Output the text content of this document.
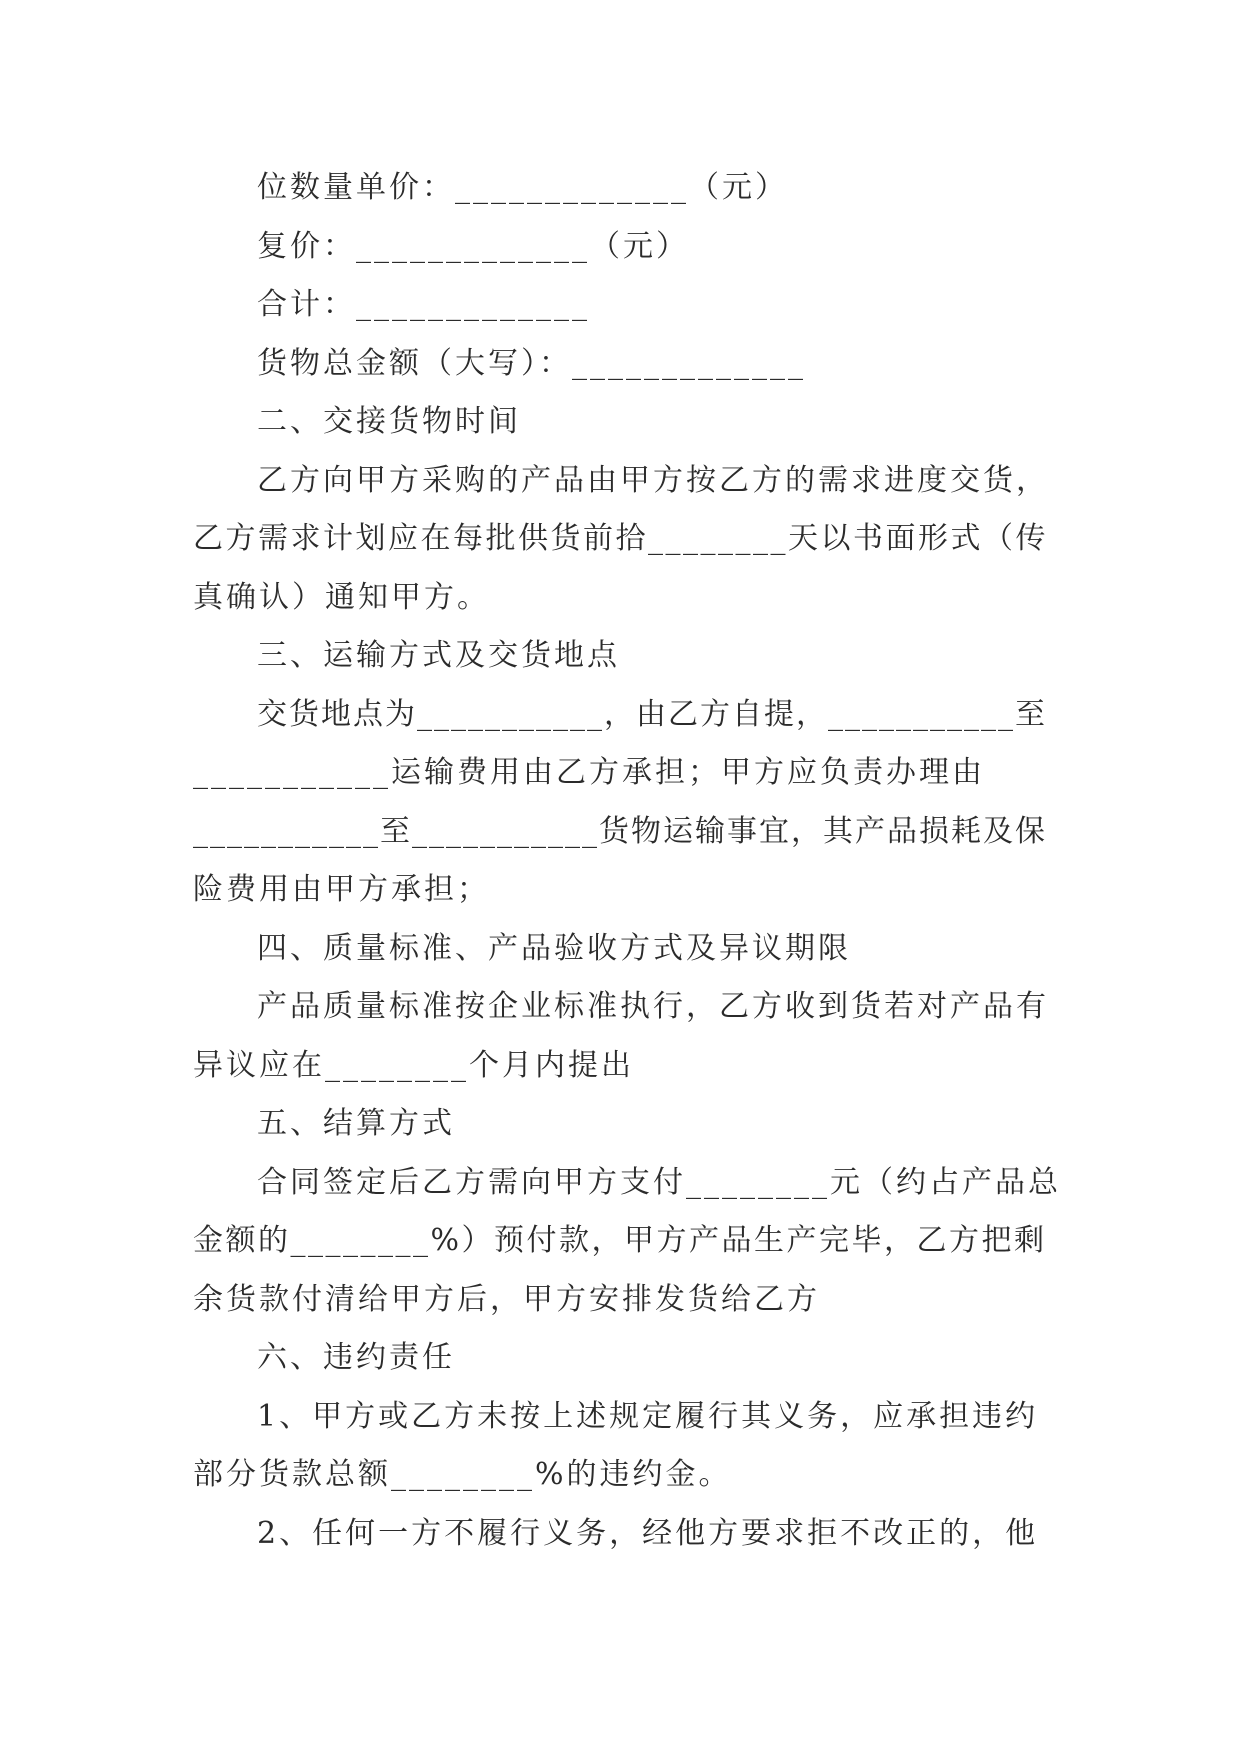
位数量单价：_____________（元）
复价：_____________（元）
合计：_____________
货物总金额（大写）：_____________
二、交接货物时间
乙方向甲方采购的产品由甲方按乙方的需求进度交货，
乙方需求计划应在每批供货前拾________天以书面形式（传
真确认）通知甲方。
三、运输方式及交货地点
交货地点为___________，由乙方自提，___________至
___________运输费用由乙方承担；甲方应负责办理由
___________至___________货物运输事宜，其产品损耗及保
险费用由甲方承担；
四、质量标准、产品验收方式及异议期限
产品质量标准按企业标准执行，乙方收到货若对产品有
异议应在________个月内提出
五、结算方式
合同签定后乙方需向甲方支付________元（约占产品总
金额的________%）预付款，甲方产品生产完毕，乙方把剩
余货款付清给甲方后，甲方安排发货给乙方
六、违约责任
1、甲方或乙方未按上述规定履行其义务，应承担违约
部分货款总额________%的违约金。
2、任何一方不履行义务，经他方要求拒不改正的，他
